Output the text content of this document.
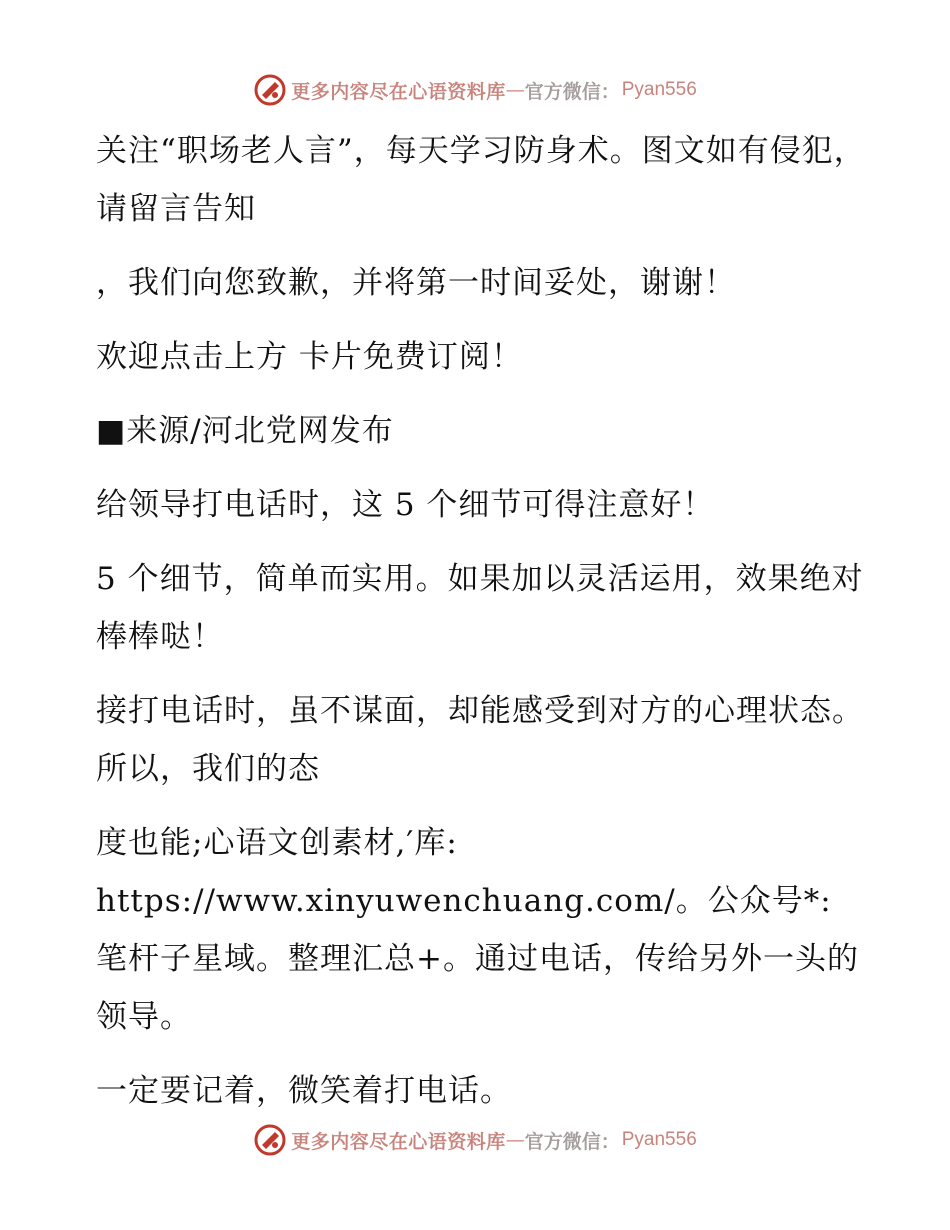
更多内容尽在心语资料库 — 官方微信： Pyan556

关注“职场老人言”，每天学习防身术。图文如有侵犯，请留言告知

，我们向您致歉，并将第一时间妥处，谢谢！

欢迎点击上方 卡片免费订阅！

■来源/河北党网发布

给领导打电话时，这 5 个细节可得注意好！

5 个细节，简单而实用。如果加以灵活运用，效果绝对棒棒哒！

接打电话时，虽不谋面，却能感受到对方的心理状态。所以，我们的态

度也能;心语文创素材,′库: https://www.xinyuwenchuang.com/。公众号*: 笔杆子星域。整理汇总+。通过电话，传给另外一头的领导。

一定要记着，微笑着打电话。

更多内容尽在心语资料库 — 官方微信： Pyan556
